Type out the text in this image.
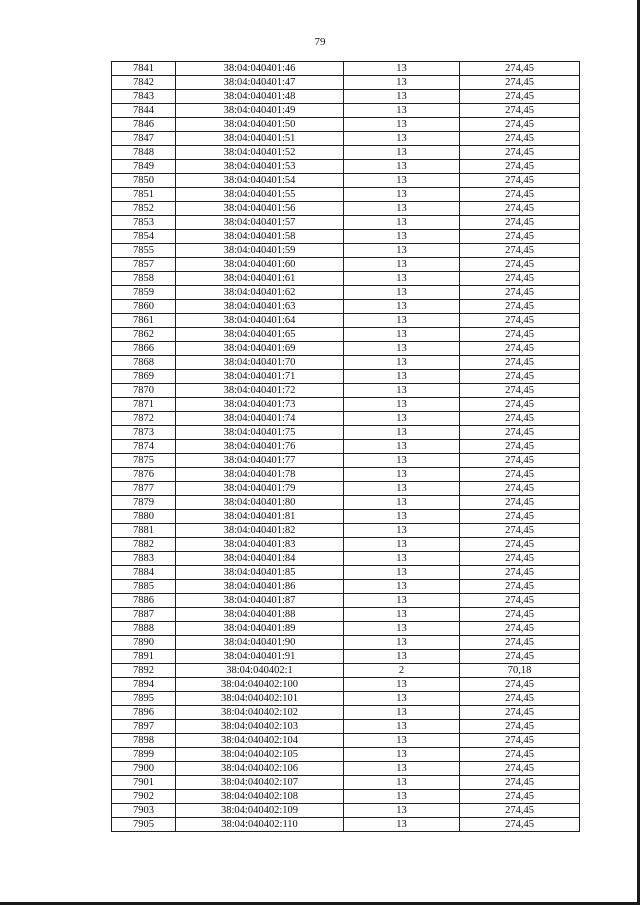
79
7841	38:04:040401:46	13	274,45
7842	38:04:040401:47	13	274,45
7843	38:04:040401:48	13	274,45
7844	38:04:040401:49	13	274,45
7846	38:04:040401:50	13	274,45
7847	38:04:040401:51	13	274,45
7848	38:04:040401:52	13	274,45
7849	38:04:040401:53	13	274,45
7850	38:04:040401:54	13	274,45
7851	38:04:040401:55	13	274,45
7852	38:04:040401:56	13	274,45
7853	38:04:040401:57	13	274,45
7854	38:04:040401:58	13	274,45
7855	38:04:040401:59	13	274,45
7857	38:04:040401:60	13	274,45
7858	38:04:040401:61	13	274,45
7859	38:04:040401:62	13	274,45
7860	38:04:040401:63	13	274,45
7861	38:04:040401:64	13	274,45
7862	38:04:040401:65	13	274,45
7866	38:04:040401:69	13	274,45
7868	38:04:040401:70	13	274,45
7869	38:04:040401:71	13	274,45
7870	38:04:040401:72	13	274,45
7871	38:04:040401:73	13	274,45
7872	38:04:040401:74	13	274,45
7873	38:04:040401:75	13	274,45
7874	38:04:040401:76	13	274,45
7875	38:04:040401:77	13	274,45
7876	38:04:040401:78	13	274,45
7877	38:04:040401:79	13	274,45
7879	38:04:040401:80	13	274,45
7880	38:04:040401:81	13	274,45
7881	38:04:040401:82	13	274,45
7882	38:04:040401:83	13	274,45
7883	38:04:040401:84	13	274,45
7884	38:04:040401:85	13	274,45
7885	38:04:040401:86	13	274,45
7886	38:04:040401:87	13	274,45
7887	38:04:040401:88	13	274,45
7888	38:04:040401:89	13	274,45
7890	38:04:040401:90	13	274,45
7891	38:04:040401:91	13	274,45
7892	38:04:040402:1	2	70,18
7894	38:04:040402:100	13	274,45
7895	38:04:040402:101	13	274,45
7896	38:04:040402:102	13	274,45
7897	38:04:040402:103	13	274,45
7898	38:04:040402:104	13	274,45
7899	38:04:040402:105	13	274,45
7900	38:04:040402:106	13	274,45
7901	38:04:040402:107	13	274,45
7902	38:04:040402:108	13	274,45
7903	38:04:040402:109	13	274,45
7905	38:04:040402:110	13	274,45
